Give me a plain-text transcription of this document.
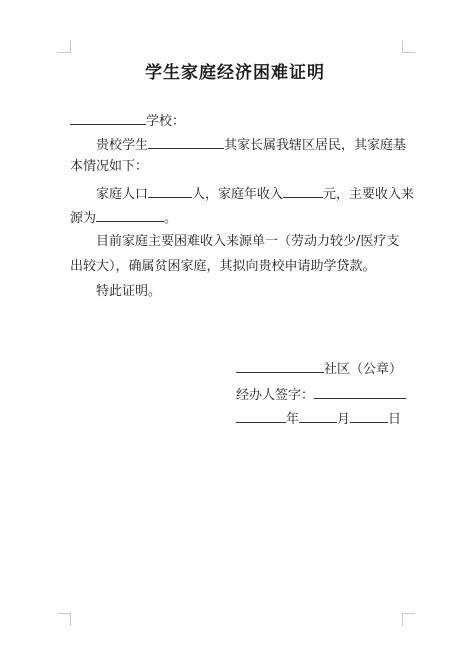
学生家庭经济困难证明
学校：
贵校学生	其家长属我辖区居民，其家庭基
本情况如下：
家庭人口	人，家庭年收入	元，主要收入来
源为	。
目前家庭主要困难收入来源单一（劳动力较少/医疗支
出较大），确属贫困家庭，其拟向贵校申请助学贷款。
特此证明。
社区（公章）
经办人签字：
年	月	日
